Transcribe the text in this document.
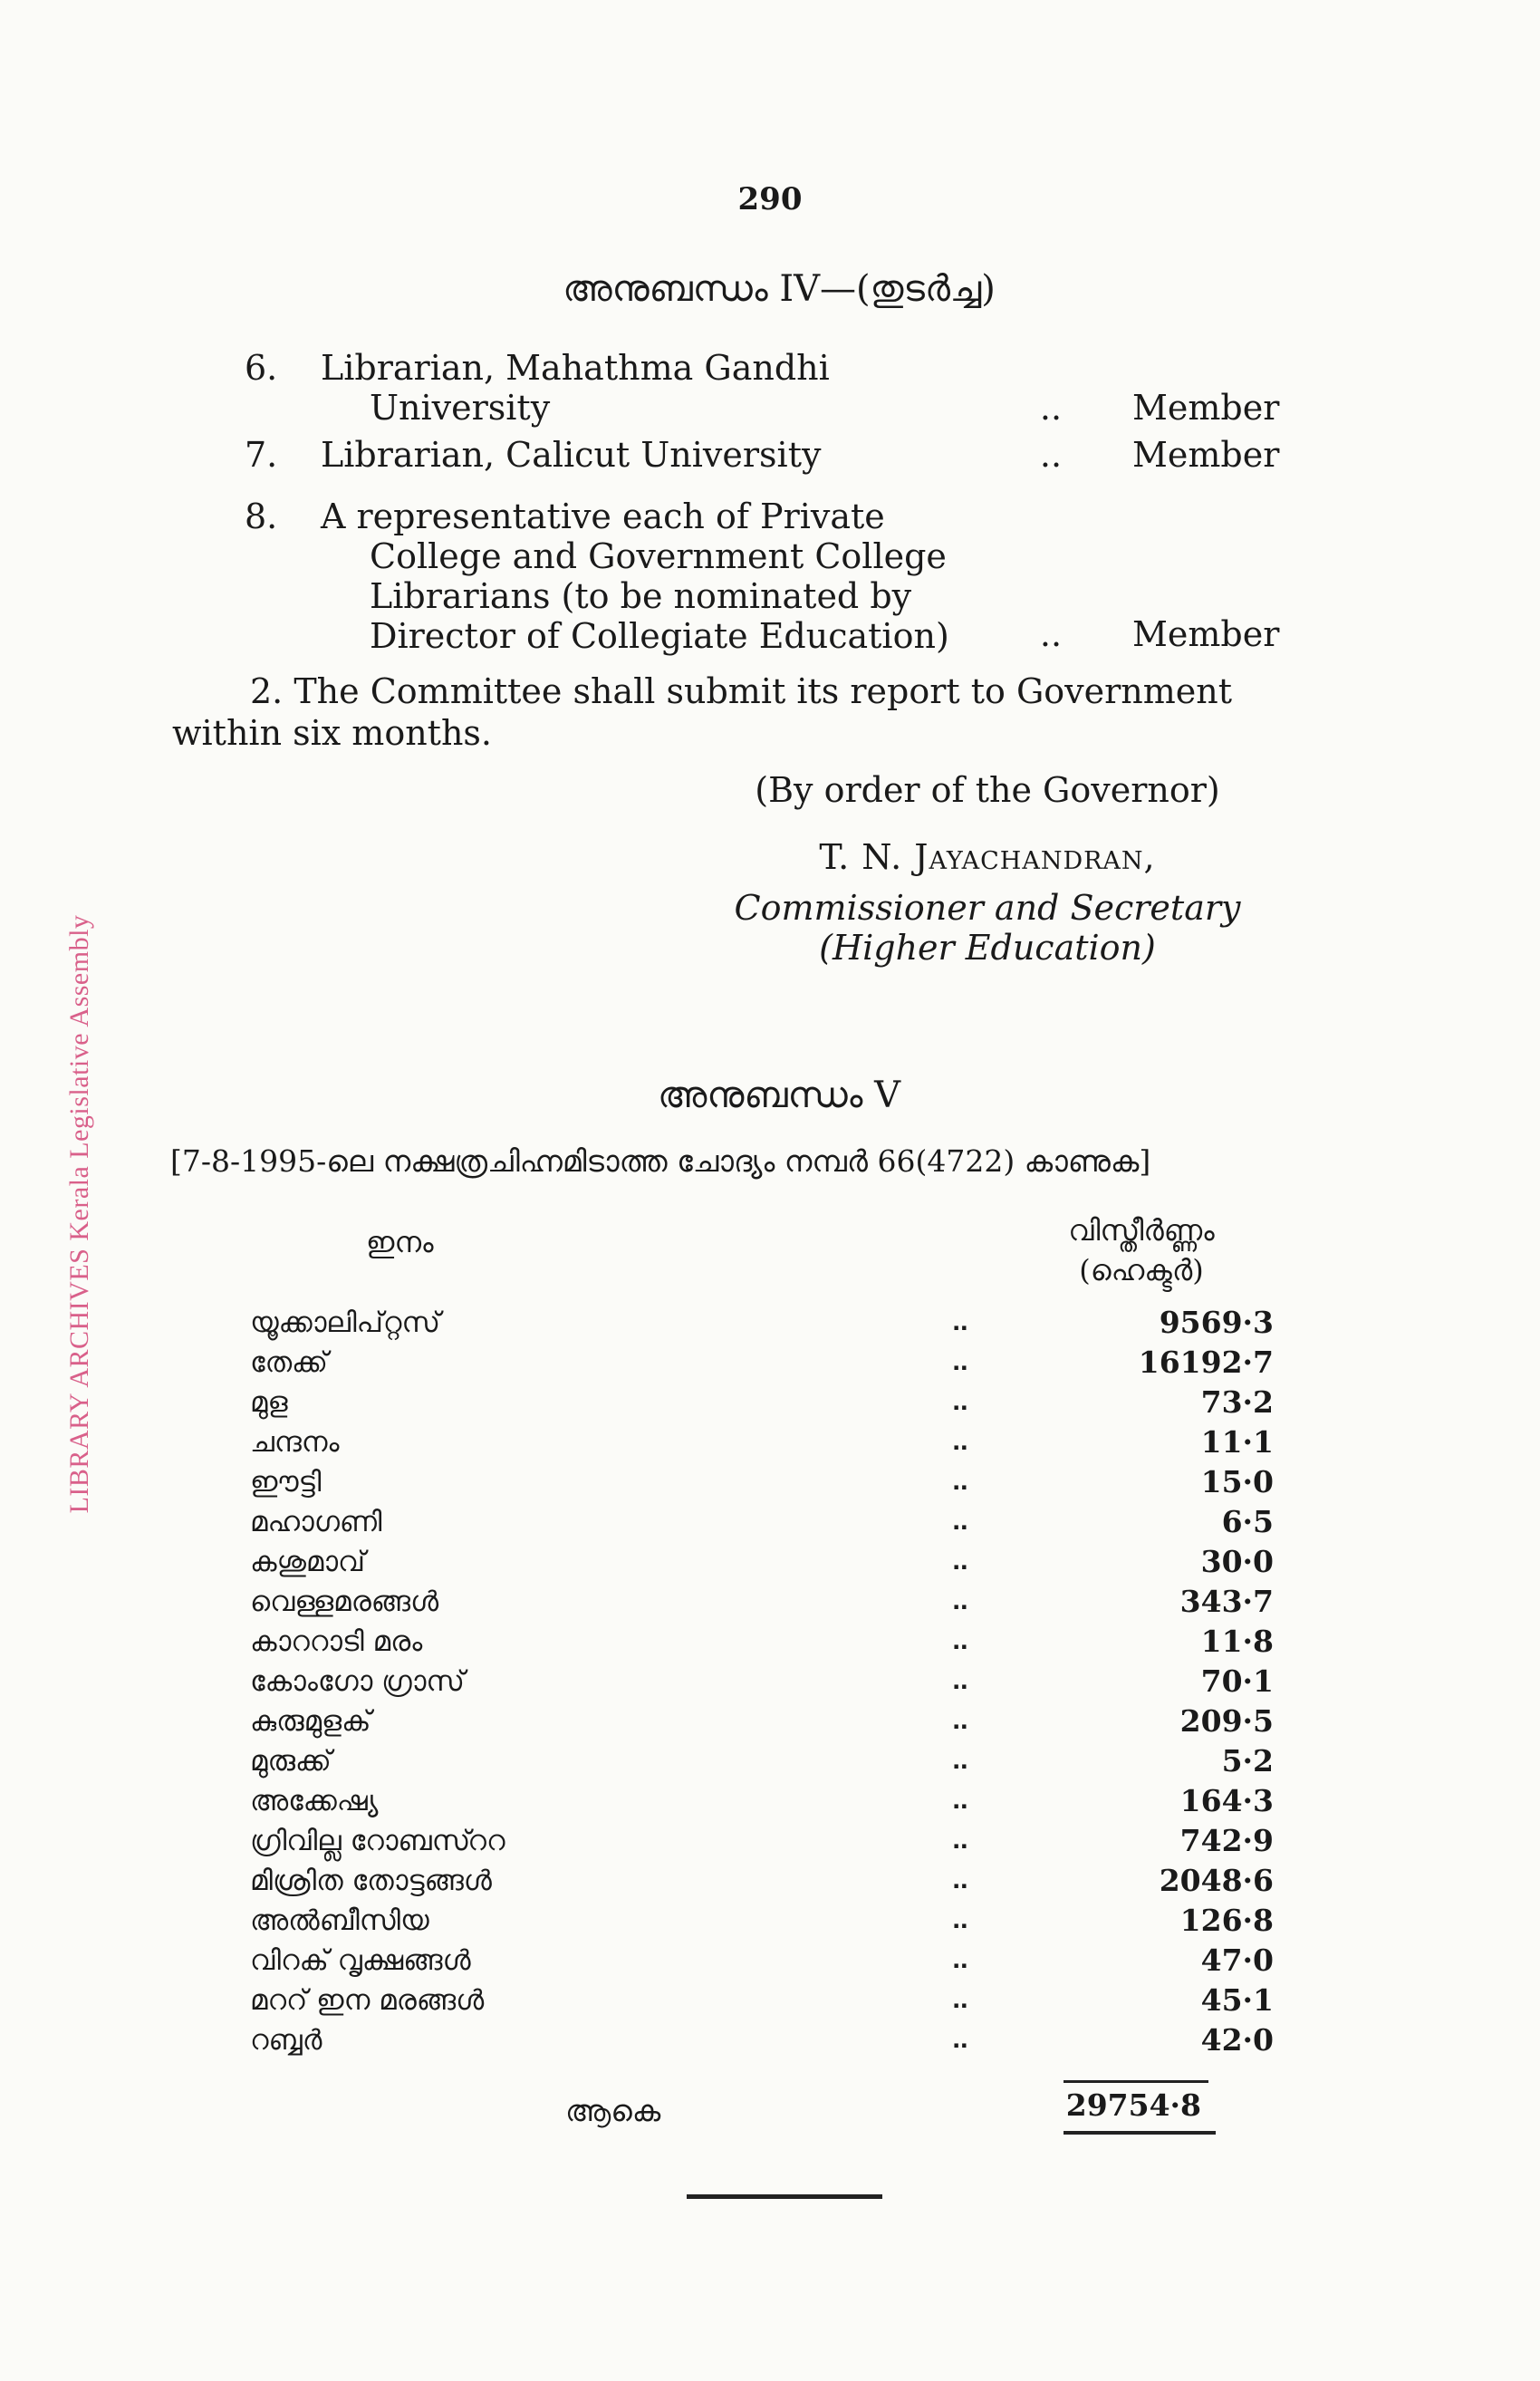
LIBRARY ARCHIVES Kerala Legislative Assembly
290
അനുബന്ധം IV—(തുടർച്ച)
6.	Librarian, Mahathma Gandhi
University	..	Member
7.	Librarian, Calicut University	..	Member
8.	A representative each of Private
College and Government College
Librarians (to be nominated by
Director of Collegiate Education)	..	Member
2. The Committee shall submit its report to Government
within six months.
(By order of the Governor)
T. N. Jayachandran,
Commissioner and Secretary
(Higher Education)
അനുബന്ധം V
[7-8-1995-ലെ നക്ഷത്രചിഹ്നമിടാത്ത ചോദ്യം നമ്പർ 66(4722) കാണുക]
ഇനം	വിസ്തീർണ്ണം
(ഹെക്ടർ)
യൂക്കാലിപ്റ്റസ്	..	9569·3
തേക്ക്	..	16192·7
മുള	..	73·2
ചന്ദനം	..	11·1
ഈട്ടി	..	15·0
മഹാഗണി	..	6·5
കശുമാവ്	..	30·0
വെള്ളമരങ്ങൾ	..	343·7
കാററാടി മരം	..	11·8
കോംഗോ ഗ്രാസ്	..	70·1
കുരുമുളക്	..	209·5
മുരുക്ക്	..	5·2
അക്കേഷ്യ	..	164·3
ഗ്രിവില്ല റോബസ്ററ	..	742·9
മിശ്രിത തോട്ടങ്ങൾ	..	2048·6
അൽബീസിയ	..	126·8
വിറക് വൃക്ഷങ്ങൾ	..	47·0
മററ് ഇന മരങ്ങൾ	..	45·1
റബ്ബർ	..	42·0
ആകെ	29754·8
